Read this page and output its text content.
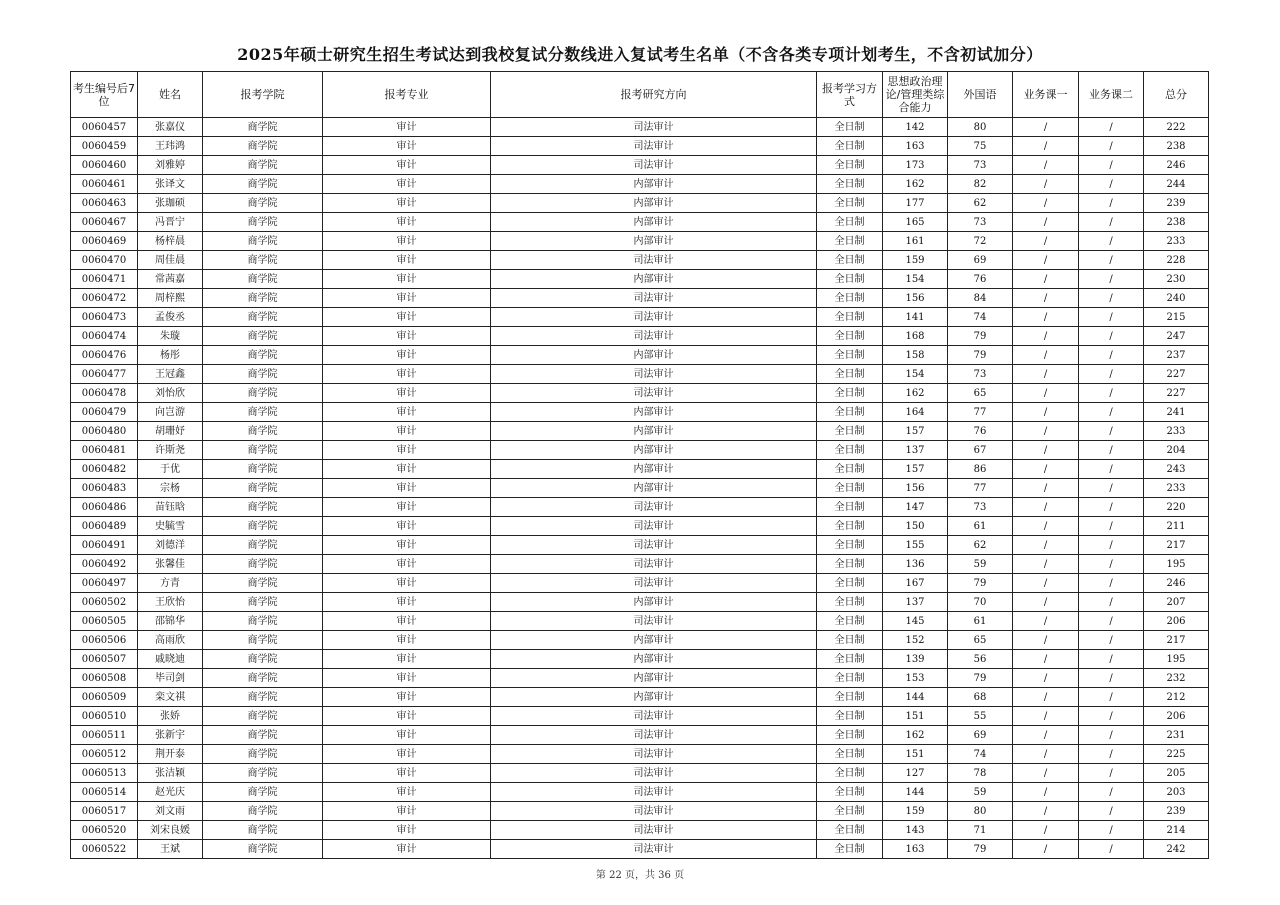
2025年硕士研究生招生考试达到我校复试分数线进入复试考生名单（不含各类专项计划考生，不含初试加分）
考生编号后7位	姓名	报考学院	报考专业	报考研究方向	报考学习方式	思想政治理论/管理类综合能力	外国语	业务课一	业务课二	总分
0060457	张嘉仪	商学院	审计	司法审计	全日制	142	80	/	/	222
0060459	王玮鸿	商学院	审计	司法审计	全日制	163	75	/	/	238
0060460	刘雅婷	商学院	审计	司法审计	全日制	173	73	/	/	246
0060461	张译文	商学院	审计	内部审计	全日制	162	82	/	/	244
0060463	张珈硕	商学院	审计	内部审计	全日制	177	62	/	/	239
0060467	冯晋宁	商学院	审计	内部审计	全日制	165	73	/	/	238
0060469	杨梓晨	商学院	审计	内部审计	全日制	161	72	/	/	233
0060470	周佳晨	商学院	审计	司法审计	全日制	159	69	/	/	228
0060471	常茜嘉	商学院	审计	内部审计	全日制	154	76	/	/	230
0060472	周梓熙	商学院	审计	司法审计	全日制	156	84	/	/	240
0060473	孟俊丞	商学院	审计	司法审计	全日制	141	74	/	/	215
0060474	朱璇	商学院	审计	司法审计	全日制	168	79	/	/	247
0060476	杨彤	商学院	审计	内部审计	全日制	158	79	/	/	237
0060477	王冠鑫	商学院	审计	司法审计	全日制	154	73	/	/	227
0060478	刘怡欣	商学院	审计	司法审计	全日制	162	65	/	/	227
0060479	向岂游	商学院	审计	内部审计	全日制	164	77	/	/	241
0060480	胡珊妤	商学院	审计	内部审计	全日制	157	76	/	/	233
0060481	许斯尧	商学院	审计	内部审计	全日制	137	67	/	/	204
0060482	于优	商学院	审计	内部审计	全日制	157	86	/	/	243
0060483	宗杨	商学院	审计	内部审计	全日制	156	77	/	/	233
0060486	苗钰晗	商学院	审计	司法审计	全日制	147	73	/	/	220
0060489	史毓雪	商学院	审计	司法审计	全日制	150	61	/	/	211
0060491	刘德洋	商学院	审计	司法审计	全日制	155	62	/	/	217
0060492	张馨佳	商学院	审计	司法审计	全日制	136	59	/	/	195
0060497	方青	商学院	审计	司法审计	全日制	167	79	/	/	246
0060502	王欣怡	商学院	审计	内部审计	全日制	137	70	/	/	207
0060505	邵锦华	商学院	审计	司法审计	全日制	145	61	/	/	206
0060506	高雨欣	商学院	审计	内部审计	全日制	152	65	/	/	217
0060507	戚晓迪	商学院	审计	内部审计	全日制	139	56	/	/	195
0060508	毕司剑	商学院	审计	内部审计	全日制	153	79	/	/	232
0060509	栾文祺	商学院	审计	内部审计	全日制	144	68	/	/	212
0060510	张娇	商学院	审计	司法审计	全日制	151	55	/	/	206
0060511	张新宇	商学院	审计	司法审计	全日制	162	69	/	/	231
0060512	荆开泰	商学院	审计	司法审计	全日制	151	74	/	/	225
0060513	张洁颖	商学院	审计	司法审计	全日制	127	78	/	/	205
0060514	赵光庆	商学院	审计	司法审计	全日制	144	59	/	/	203
0060517	刘文雨	商学院	审计	司法审计	全日制	159	80	/	/	239
0060520	刘宋良媛	商学院	审计	司法审计	全日制	143	71	/	/	214
0060522	王斌	商学院	审计	司法审计	全日制	163	79	/	/	242
第 22 页，共 36 页
